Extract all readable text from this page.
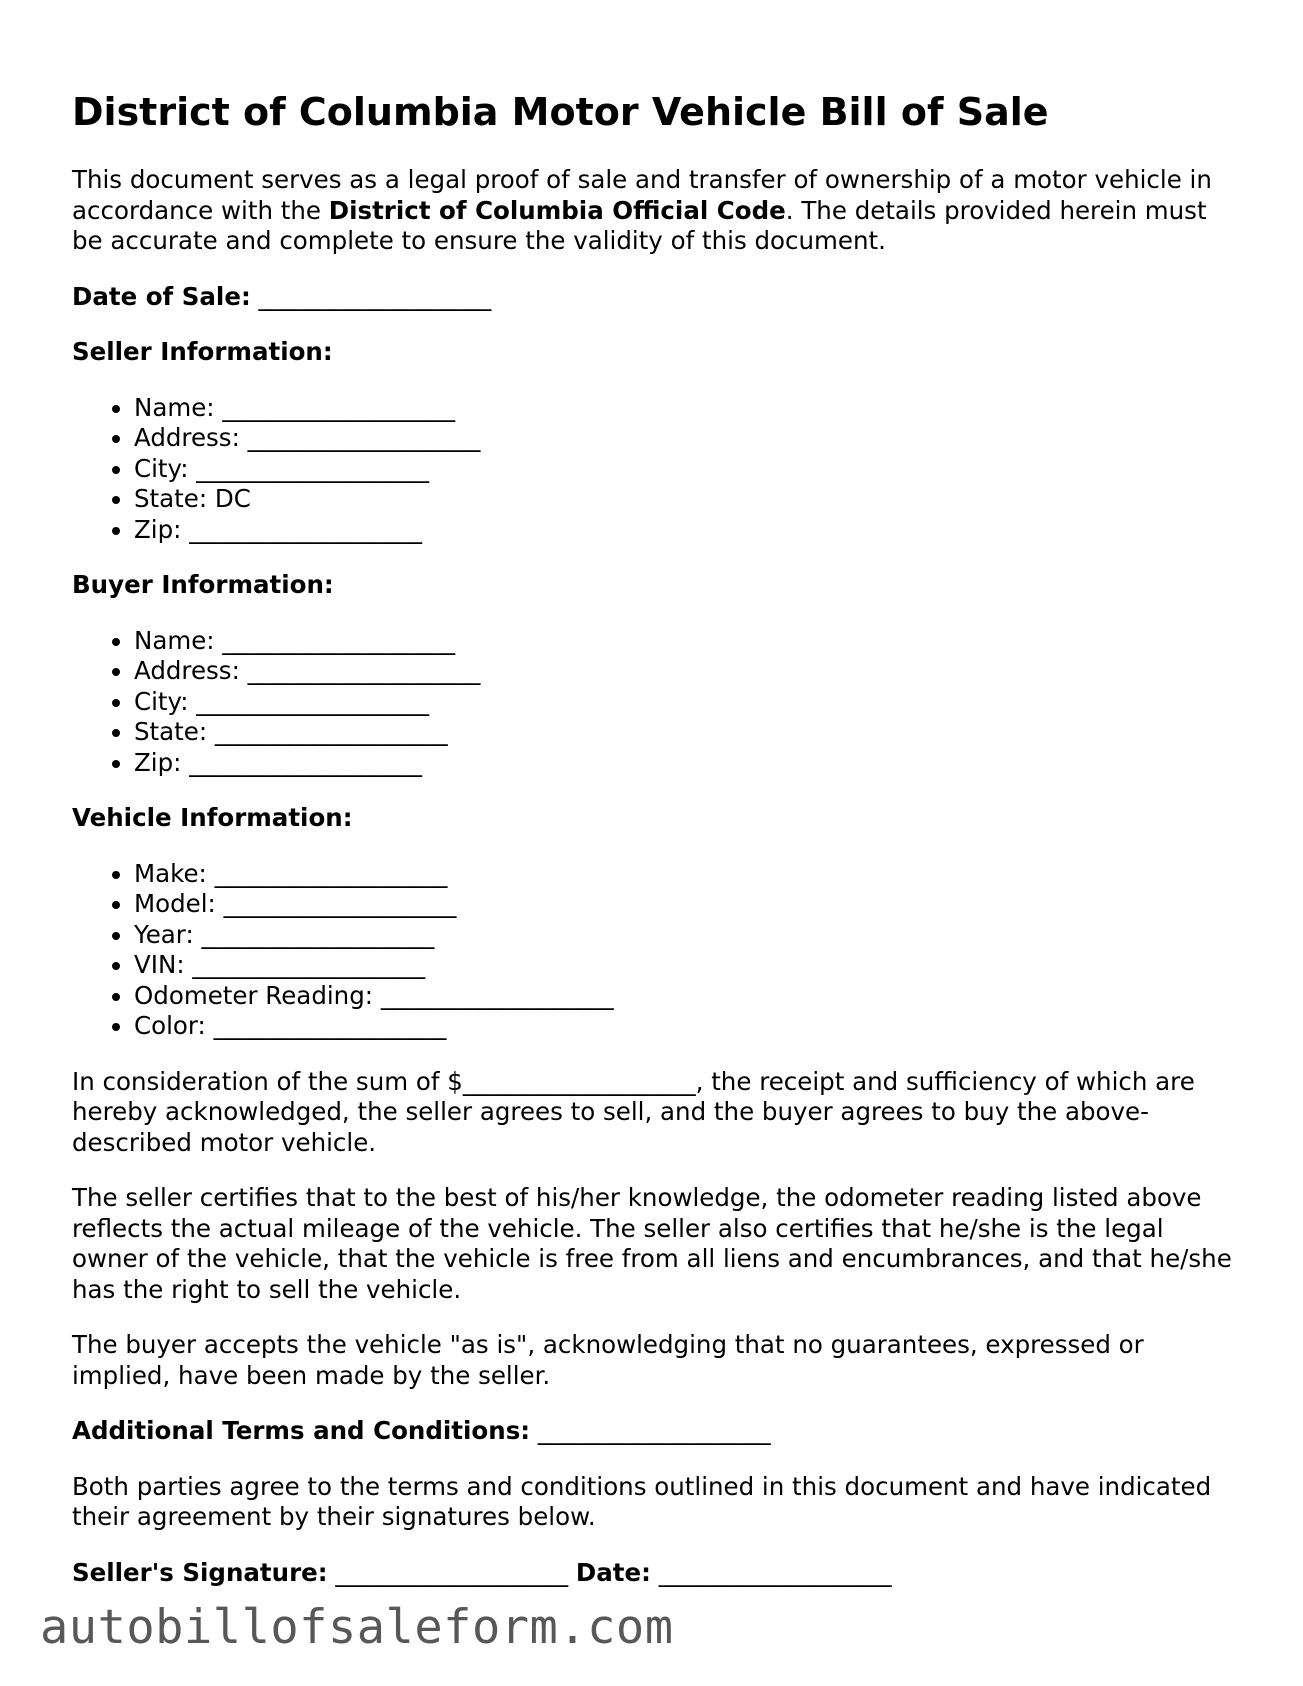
District of Columbia Motor Vehicle Bill of Sale

This document serves as a legal proof of sale and transfer of ownership of a motor vehicle in accordance with the District of Columbia Official Code. The details provided herein must be accurate and complete to ensure the validity of this document.

Date of Sale: ___________________

Seller Information:

• Name: ___________________
• Address: ___________________
• City: ___________________
• State: DC
• Zip: ___________________

Buyer Information:

• Name: ___________________
• Address: ___________________
• City: ___________________
• State: ___________________
• Zip: ___________________

Vehicle Information:

• Make: ___________________
• Model: ___________________
• Year: ___________________
• VIN: ___________________
• Odometer Reading: ___________________
• Color: ___________________

In consideration of the sum of $___________________, the receipt and sufficiency of which are hereby acknowledged, the seller agrees to sell, and the buyer agrees to buy the above-described motor vehicle.

The seller certifies that to the best of his/her knowledge, the odometer reading listed above reflects the actual mileage of the vehicle. The seller also certifies that he/she is the legal owner of the vehicle, that the vehicle is free from all liens and encumbrances, and that he/she has the right to sell the vehicle.

The buyer accepts the vehicle "as is", acknowledging that no guarantees, expressed or implied, have been made by the seller.

Additional Terms and Conditions: ___________________

Both parties agree to the terms and conditions outlined in this document and have indicated their agreement by their signatures below.

Seller's Signature: ___________________ Date: ___________________

autobillofsaleform.com
